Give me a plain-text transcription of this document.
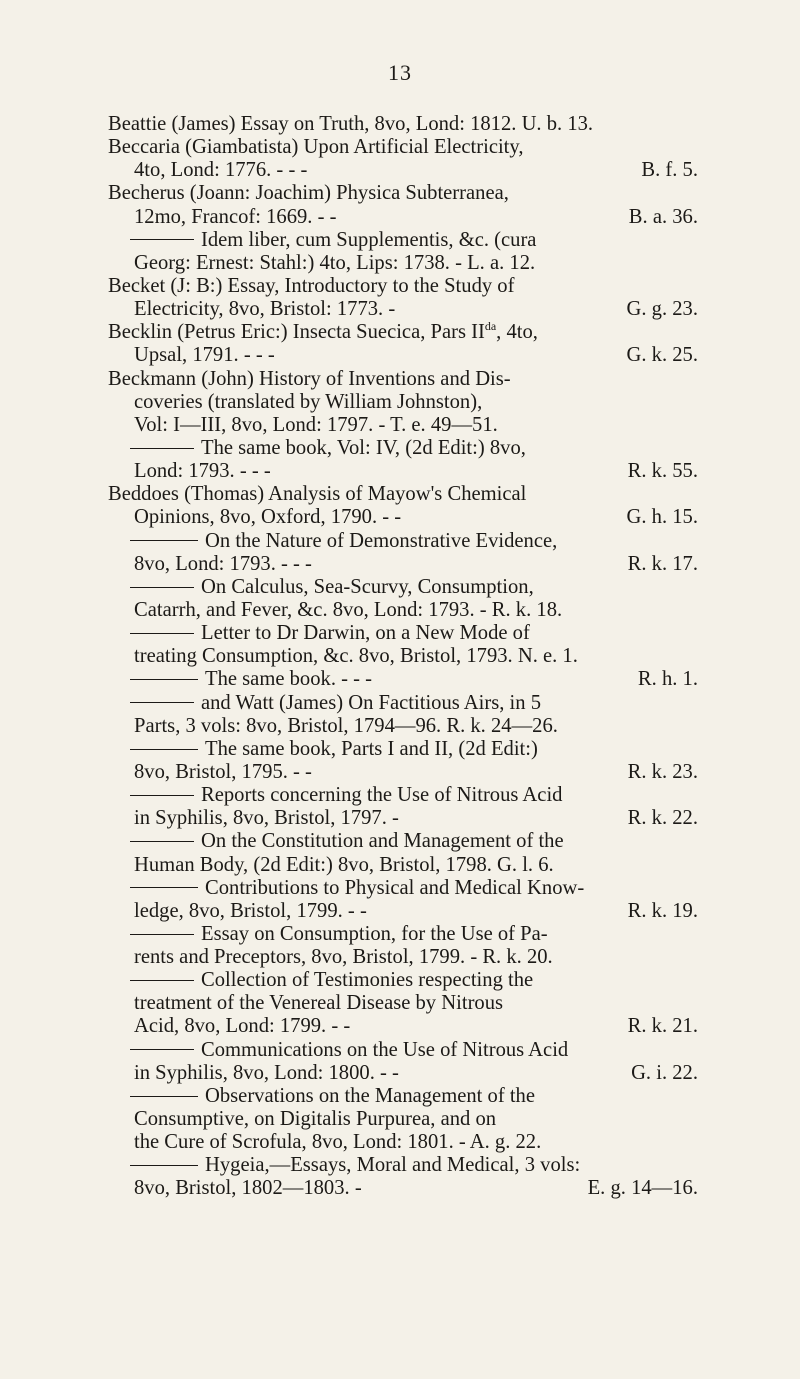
13
Beattie (James) Essay on Truth, 8vo, Lond: 1812. U. b. 13.
Beccaria (Giambatista) Upon Artificial Electricity,
4to, Lond: 1776. - - -	B. f. 5.
Becherus (Joann: Joachim) Physica Subterranea,
12mo, Francof: 1669. - -	B. a. 36.
Idem liber, cum Supplementis, &c. (cura
Georg: Ernest: Stahl:) 4to, Lips: 1738. - L. a. 12.
Becket (J: B:) Essay, Introductory to the Study of
Electricity, 8vo, Bristol: 1773. -	G. g. 23.
Becklin (Petrus Eric:) Insecta Suecica, Pars $II^{da}$, 4to,
Upsal, 1791. - - -	G. k. 25.
Beckmann (John) History of Inventions and Dis-
coveries (translated by William Johnston),
Vol: I—III, 8vo, Lond: 1797. - T. e. 49—51.
The same book, Vol: IV, (2d Edit:) 8vo,
Lond: 1793. - - -	R. k. 55.
Beddoes (Thomas) Analysis of Mayow's Chemical
Opinions, 8vo, Oxford, 1790. - -	G. h. 15.
On the Nature of Demonstrative Evidence,
8vo, Lond: 1793. - - -	R. k. 17.
On Calculus, Sea-Scurvy, Consumption,
Catarrh, and Fever, &c. 8vo, Lond: 1793. - R. k. 18.
Letter to Dr Darwin, on a New Mode of
treating Consumption, &c. 8vo, Bristol, 1793. N. e. 1.
The same book. - - -	R. h. 1.
and Watt (James) On Factitious Airs, in 5
Parts, 3 vols: 8vo, Bristol, 1794—96. R. k. 24—26.
The same book, Parts I and II, (2d Edit:)
8vo, Bristol, 1795. - -	R. k. 23.
Reports concerning the Use of Nitrous Acid
in Syphilis, 8vo, Bristol, 1797. -	R. k. 22.
On the Constitution and Management of the
Human Body, (2d Edit:) 8vo, Bristol, 1798. G. l. 6.
Contributions to Physical and Medical Know-
ledge, 8vo, Bristol, 1799. - -	R. k. 19.
Essay on Consumption, for the Use of Pa-
rents and Preceptors, 8vo, Bristol, 1799. - R. k. 20.
Collection of Testimonies respecting the
treatment of the Venereal Disease by Nitrous
Acid, 8vo, Lond: 1799. - -	R. k. 21.
Communications on the Use of Nitrous Acid
in Syphilis, 8vo, Lond: 1800. - -	G. i. 22.
Observations on the Management of the
Consumptive, on Digitalis Purpurea, and on
the Cure of Scrofula, 8vo, Lond: 1801. - A. g. 22.
Hygeia,—Essays, Moral and Medical, 3 vols:
8vo, Bristol, 1802—1803. -	E. g. 14—16.
